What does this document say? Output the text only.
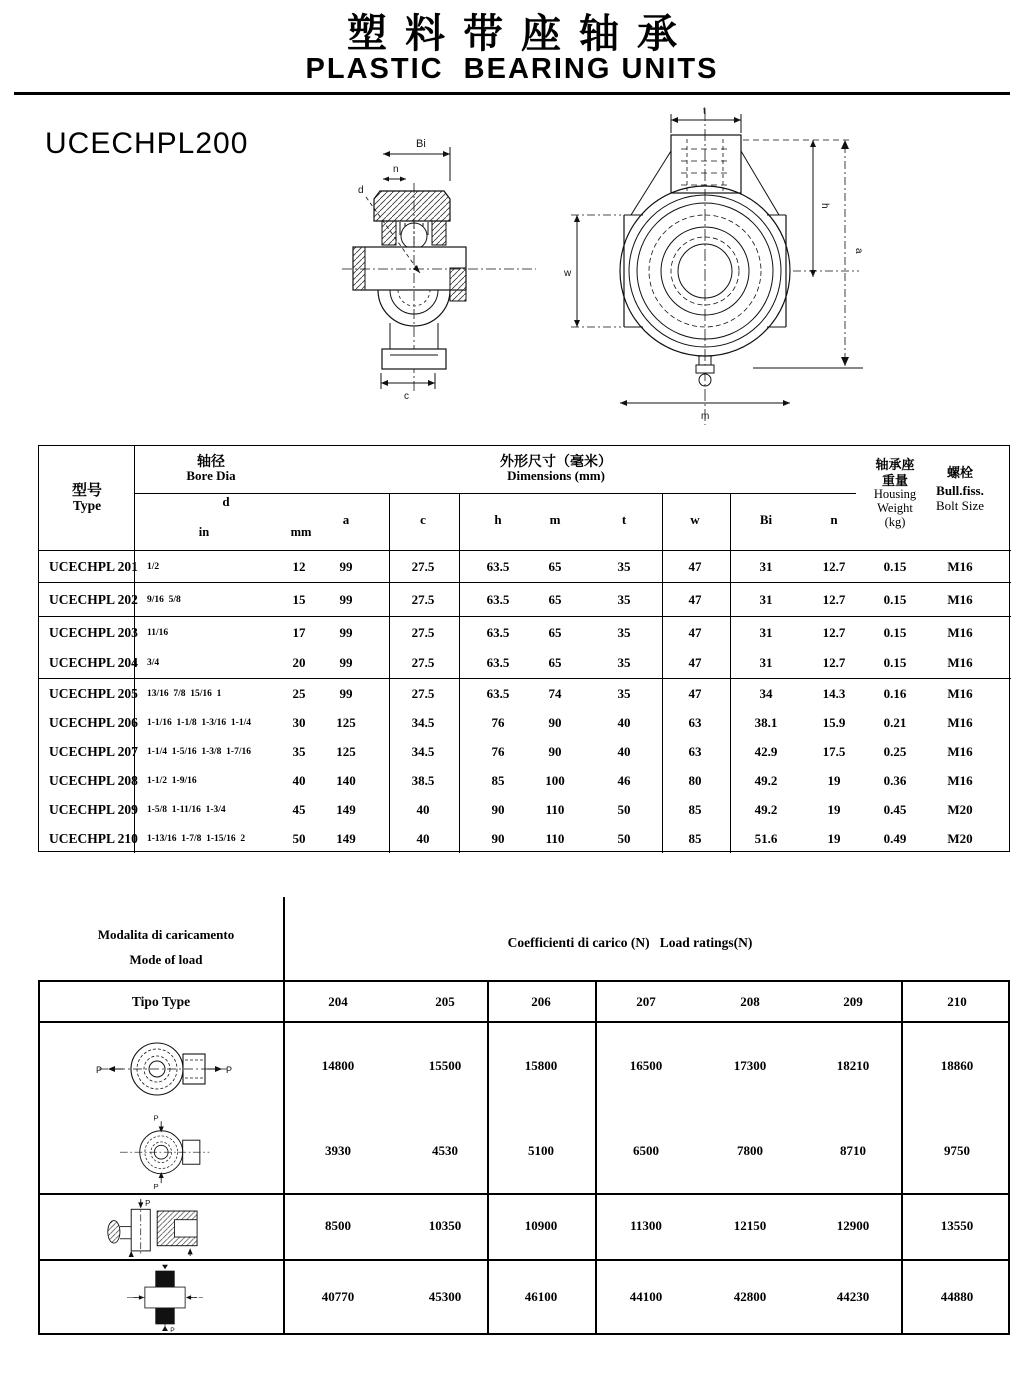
塑料带座轴承
PLASTIC  BEARING UNITS
UCECHPL200	Bi
n
d
c
t
w
m
h
a
型号
Type
轴径
Bore Dia
外形尺寸（毫米）
Dimensions (mm)
d
in	mm
a	c	h	m	t	w	Bi	n
轴承座
重量
Housing
Weight
(kg)
螺栓
Bull.fiss.
Bolt Size
UCECHPL 201 1/2	12	99	27.5	63.5	65	35	47	31	12.7	0.15	M16
UCECHPL 202 9/16  5/8	15	99	27.5	63.5	65	35	47	31	12.7	0.15	M16
UCECHPL 203 11/16	17	99	27.5	63.5	65	35	47	31	12.7	0.15	M16
UCECHPL 204 3/4	20	99	27.5	63.5	65	35	47	31	12.7	0.15	M16
UCECHPL 205 13/16  7/8  15/16  1	25	99	27.5	63.5	74	35	47	34	14.3	0.16	M16
UCECHPL 206 1-1/16  1-1/8  1-3/16  1-1/4	30 125	34.5	76	90	40	63	38.1	15.9	0.21	M16
UCECHPL 207 1-1/4  1-5/16  1-3/8  1-7/16	35 125	34.5	76	90	40	63	42.9	17.5	0.25	M16
UCECHPL 208 1-1/2  1-9/16	40 140	38.5	85	100	46	80	49.2	19	0.36	M16
UCECHPL 209 1-5/8  1-11/16  1-3/4	45 149	40	90	110	50	85	49.2	19	0.45	M20
UCECHPL 210 1-13/16  1-7/8  1-15/16  2	50 149	40	90	110	50	85	51.6	19	0.49	M20
Modalita di caricamento
Mode of load
Coefficienti di carico (N)   Load ratings(N)
Tipo Type	204	205	206	207	208	209	210
P	P
P
P
P
P
14800	15500	15800	16500	17300	18210	18860
3930	4530	5100	6500	7800	8710	9750
8500	10350	10900	11300	12150	12900	13550
40770	45300	46100	44100	42800	44230	44880
